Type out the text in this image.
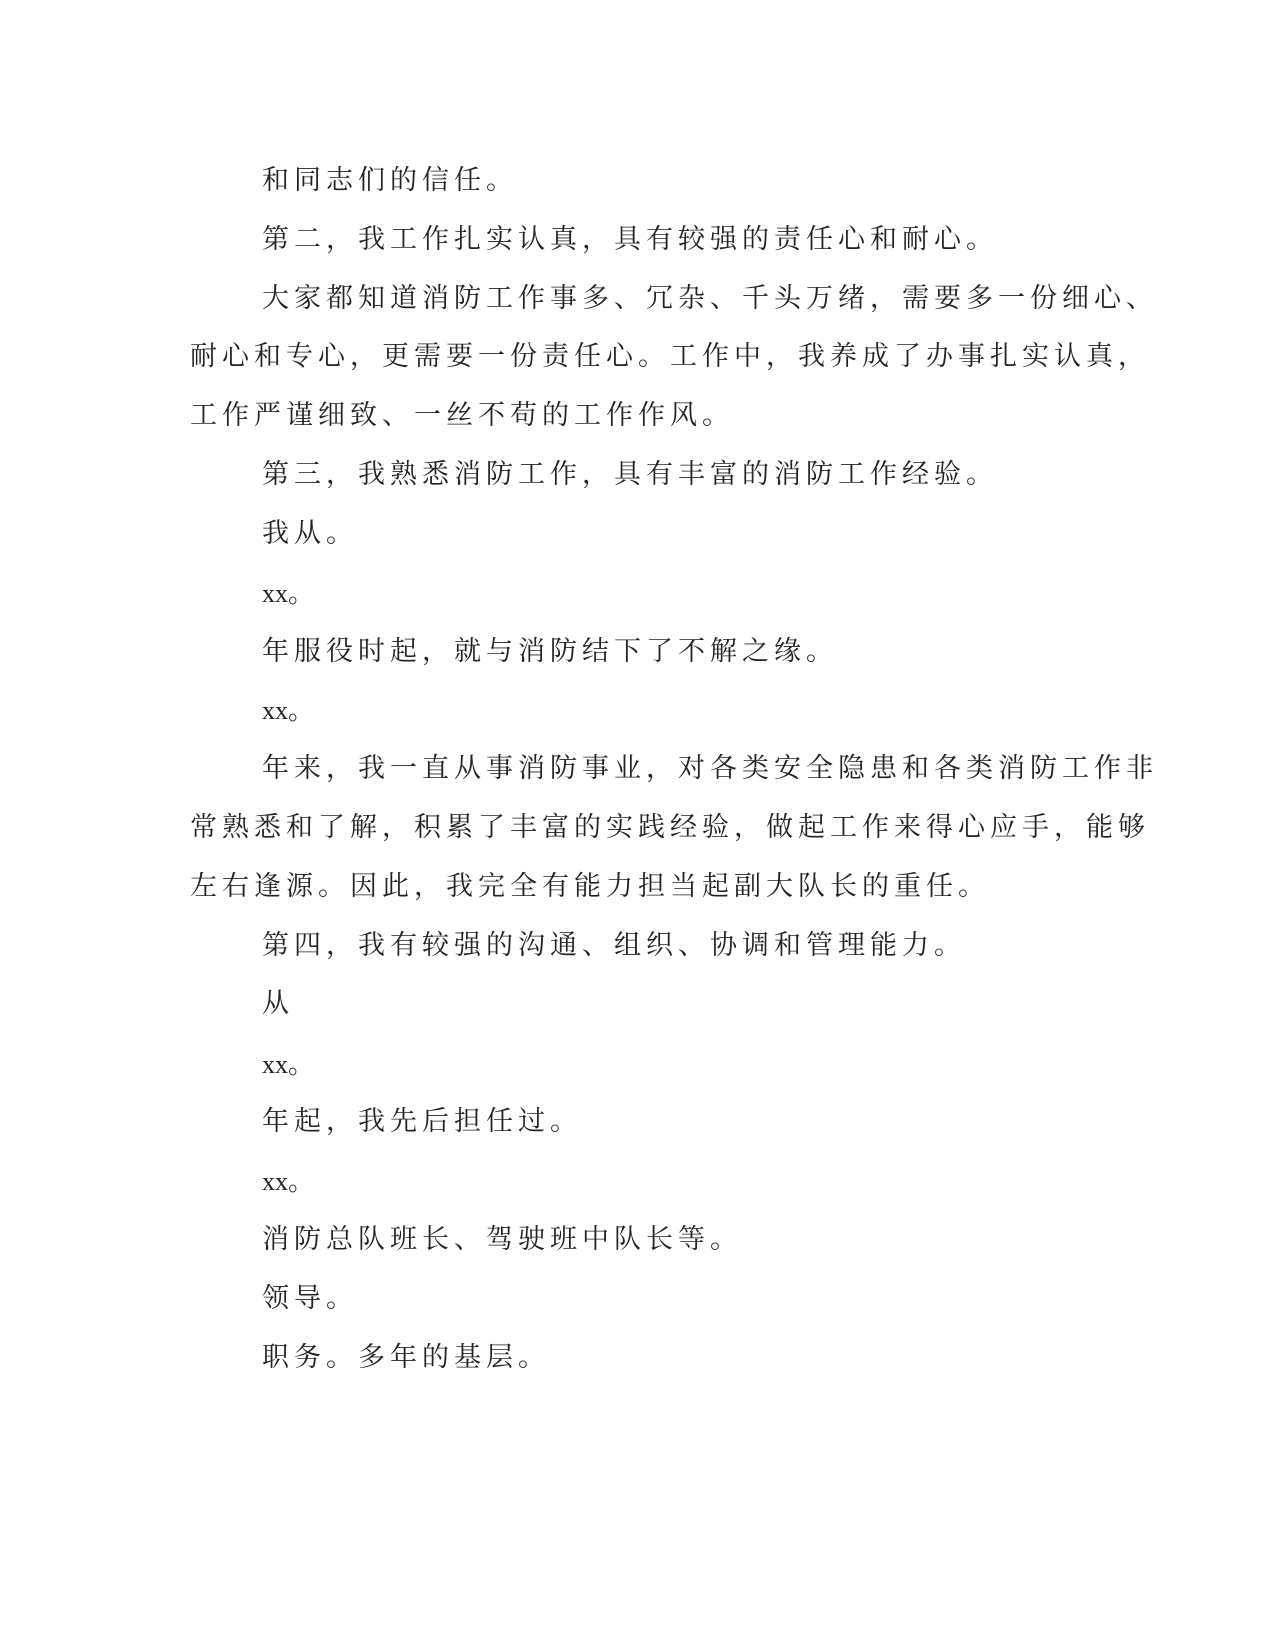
和同志们的信任。

第二，我工作扎实认真，具有较强的责任心和耐心。

大家都知道消防工作事多、冗杂、千头万绪，需要多一份细心、

耐心和专心，更需要一份责任心。工作中，我养成了办事扎实认真，

工作严谨细致、一丝不苟的工作作风。

第三，我熟悉消防工作，具有丰富的消防工作经验。

我从。

xx。

年服役时起，就与消防结下了不解之缘。

xx。

年来，我一直从事消防事业，对各类安全隐患和各类消防工作非

常熟悉和了解，积累了丰富的实践经验，做起工作来得心应手，能够

左右逢源。因此，我完全有能力担当起副大队长的重任。

第四，我有较强的沟通、组织、协调和管理能力。

从

xx。

年起，我先后担任过。

xx。

消防总队班长、驾驶班中队长等。

领导。

职务。多年的基层。
